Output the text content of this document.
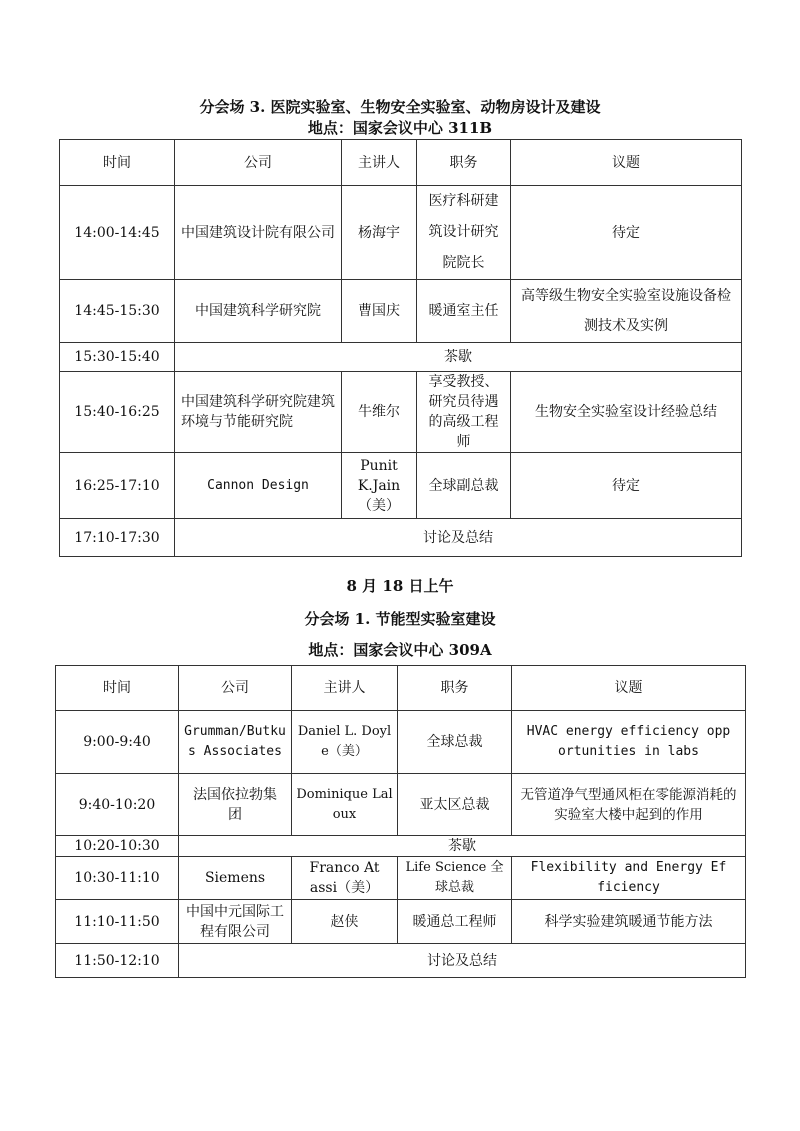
分会场 3. 医院实验室、生物安全实验室、动物房设计及建设
地点：国家会议中心 311B
时间	公司	主讲人	职务	议题
14:00-14:45	中国建筑设计院有限公司	杨海宇	医疗科研建筑设计研究院院长	待定
14:45-15:30	中国建筑科学研究院	曹国庆	暖通室主任	高等级生物安全实验室设施设备检测技术及实例
15:30-15:40	茶歇			
15:40-16:25	中国建筑科学研究院建筑环境与节能研究院	牛维尔	享受教授、研究员待遇的高级工程师	生物安全实验室设计经验总结
16:25-17:10	Cannon Design	Punit K.Jain（美）	全球副总裁	待定
17:10-17:30	讨论及总结			
8 月 18 日上午
分会场 1. 节能型实验室建设
地点：国家会议中心 309A
时间	公司	主讲人	职务	议题
9:00-9:40	Grumman/Butkus Associates	Daniel L. Doyle（美）	全球总裁	HVAC energy efficiency opportunities in labs
9:40-10:20	法国依拉勃集团	Dominique Laloux	亚太区总裁	无管道净气型通风柜在零能源消耗的实验室大楼中起到的作用
10:20-10:30	茶歇			
10:30-11:10	Siemens	Franco Atassi（美）	Life Science 全球总裁	Flexibility and Energy Efficiency
11:10-11:50	中国中元国际工程有限公司	赵侠	暖通总工程师	科学实验建筑暖通节能方法
11:50-12:10	讨论及总结			
